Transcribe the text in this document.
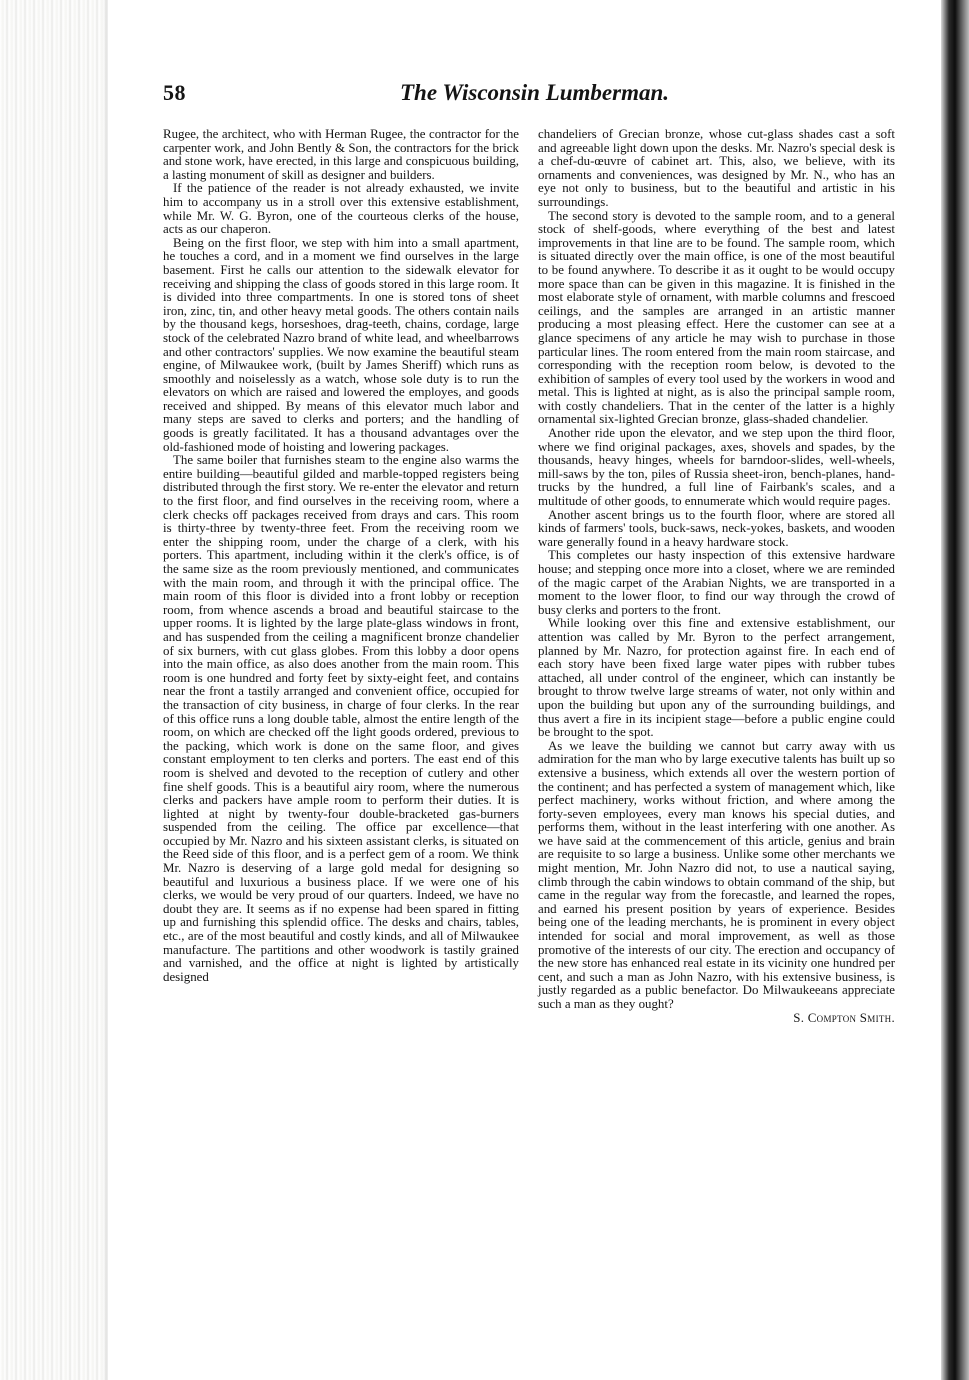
58	The Wisconsin Lumberman.

Rugee, the architect, who with Herman Rugee, the contractor for the carpenter work, and John Bently & Son, the contractors for the brick and stone work, have erected, in this large and conspicuous building, a lasting monument of skill as designer and builders.

If the patience of the reader is not already exhausted, we invite him to accompany us in a stroll over this extensive establishment, while Mr. W. G. Byron, one of the courteous clerks of the house, acts as our chaperon.

Being on the first floor, we step with him into a small apartment, he touches a cord, and in a moment we find ourselves in the large basement. First he calls our attention to the sidewalk elevator for receiving and shipping the class of goods stored in this large room. It is divided into three compartments. In one is stored tons of sheet iron, zinc, tin, and other heavy metal goods. The others contain nails by the thousand kegs, horseshoes, drag-teeth, chains, cordage, large stock of the celebrated Nazro brand of white lead, and wheelbarrows and other contractors' supplies. We now examine the beautiful steam engine, of Milwaukee work, (built by James Sheriff) which runs as smoothly and noiselessly as a watch, whose sole duty is to run the elevators on which are raised and lowered the employes, and goods received and shipped. By means of this elevator much labor and many steps are saved to clerks and porters; and the handling of goods is greatly facilitated. It has a thousand advantages over the old-fashioned mode of hoisting and lowering packages.

The same boiler that furnishes steam to the engine also warms the entire building—beautiful gilded and marble-topped registers being distributed through the first story. We re-enter the elevator and return to the first floor, and find ourselves in the receiving room, where a clerk checks off packages received from drays and cars. This room is thirty-three by twenty-three feet. From the receiving room we enter the shipping room, under the charge of a clerk, with his porters. This apartment, including within it the clerk's office, is of the same size as the room previously mentioned, and communicates with the main room, and through it with the principal office. The main room of this floor is divided into a front lobby or reception room, from whence ascends a broad and beautiful staircase to the upper rooms. It is lighted by the large plate-glass windows in front, and has suspended from the ceiling a magnificent bronze chandelier of six burners, with cut glass globes. From this lobby a door opens into the main office, as also does another from the main room. This room is one hundred and forty feet by sixty-eight feet, and contains near the front a tastily arranged and convenient office, occupied for the transaction of city business, in charge of four clerks. In the rear of this office runs a long double table, almost the entire length of the room, on which are checked off the light goods ordered, previous to the packing, which work is done on the same floor, and gives constant employment to ten clerks and porters. The east end of this room is shelved and devoted to the reception of cutlery and other fine shelf goods. This is a beautiful airy room, where the numerous clerks and packers have ample room to perform their duties. It is lighted at night by twenty-four double-bracketed gas-burners suspended from the ceiling. The office par excellence—that occupied by Mr. Nazro and his sixteen assistant clerks, is situated on the Reed side of this floor, and is a perfect gem of a room. We think Mr. Nazro is deserving of a large gold medal for designing so beautiful and luxurious a business place. If we were one of his clerks, we would be very proud of our quarters. Indeed, we have no doubt they are. It seems as if no expense had been spared in fitting up and furnishing this splendid office. The desks and chairs, tables, etc., are of the most beautiful and costly kinds, and all of Milwaukee manufacture. The partitions and other woodwork is tastily grained and varnished, and the office at night is lighted by artistically designed

chandeliers of Grecian bronze, whose cut-glass shades cast a soft and agreeable light down upon the desks. Mr. Nazro's special desk is a chef-du-œuvre of cabinet art. This, also, we believe, with its ornaments and conveniences, was designed by Mr. N., who has an eye not only to business, but to the beautiful and artistic in his surroundings.

The second story is devoted to the sample room, and to a general stock of shelf-goods, where everything of the best and latest improvements in that line are to be found. The sample room, which is situated directly over the main office, is one of the most beautiful to be found anywhere. To describe it as it ought to be would occupy more space than can be given in this magazine. It is finished in the most elaborate style of ornament, with marble columns and frescoed ceilings, and the samples are arranged in an artistic manner producing a most pleasing effect. Here the customer can see at a glance specimens of any article he may wish to purchase in those particular lines. The room entered from the main room staircase, and corresponding with the reception room below, is devoted to the exhibition of samples of every tool used by the workers in wood and metal. This is lighted at night, as is also the principal sample room, with costly chandeliers. That in the center of the latter is a highly ornamental six-lighted Grecian bronze, glass-shaded chandelier.

Another ride upon the elevator, and we step upon the third floor, where we find original packages, axes, shovels and spades, by the thousands, heavy hinges, wheels for barndoor-slides, well-wheels, mill-saws by the ton, piles of Russia sheet-iron, bench-planes, hand-trucks by the hundred, a full line of Fairbank's scales, and a multitude of other goods, to ennumerate which would require pages.

Another ascent brings us to the fourth floor, where are stored all kinds of farmers' tools, buck-saws, neck-yokes, baskets, and wooden ware generally found in a heavy hardware stock.

This completes our hasty inspection of this extensive hardware house; and stepping once more into a closet, where we are reminded of the magic carpet of the Arabian Nights, we are transported in a moment to the lower floor, to find our way through the crowd of busy clerks and porters to the front.

While looking over this fine and extensive establishment, our attention was called by Mr. Byron to the perfect arrangement, planned by Mr. Nazro, for protection against fire. In each end of each story have been fixed large water pipes with rubber tubes attached, all under control of the engineer, which can instantly be brought to throw twelve large streams of water, not only within and upon the building but upon any of the surrounding buildings, and thus avert a fire in its incipient stage—before a public engine could be brought to the spot.

As we leave the building we cannot but carry away with us admiration for the man who by large executive talents has built up so extensive a business, which extends all over the western portion of the continent; and has perfected a system of management which, like perfect machinery, works without friction, and where among the forty-seven employees, every man knows his special duties, and performs them, without in the least interfering with one another. As we have said at the commencement of this article, genius and brain are requisite to so large a business. Unlike some other merchants we might mention, Mr. John Nazro did not, to use a nautical saying, climb through the cabin windows to obtain command of the ship, but came in the regular way from the forecastle, and learned the ropes, and earned his present position by years of experience. Besides being one of the leading merchants, he is prominent in every object intended for social and moral improvement, as well as those promotive of the interests of our city. The erection and occupancy of the new store has enhanced real estate in its vicinity one hundred per cent, and such a man as John Nazro, with his extensive business, is justly regarded as a public benefactor. Do Milwaukeeans appreciate such a man as they ought?

S. Compton Smith.
